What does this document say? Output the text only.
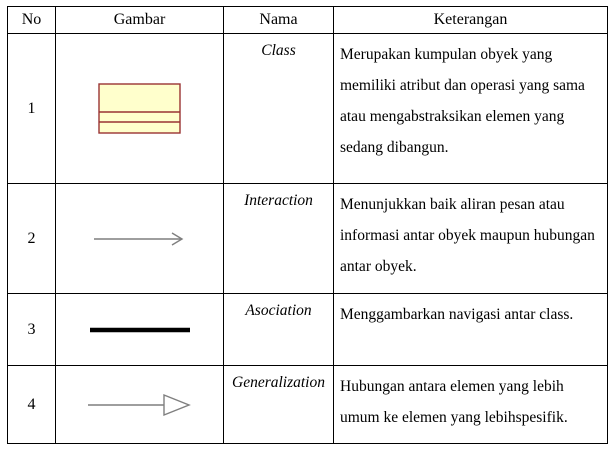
No	Gambar	Nama	Keterangan
1		Class	Merupakan kumpulan obyek yang memiliki atribut dan operasi yang sama atau mengabstraksikan elemen yang sedang dibangun.
2		Interaction	Menunjukkan baik aliran pesan atau informasi antar obyek maupun hubungan antar obyek.
3		Asociation	Menggambarkan navigasi antar class.
4		Generalization	Hubungan antara elemen yang lebih umum ke elemen yang lebihspesifik.
